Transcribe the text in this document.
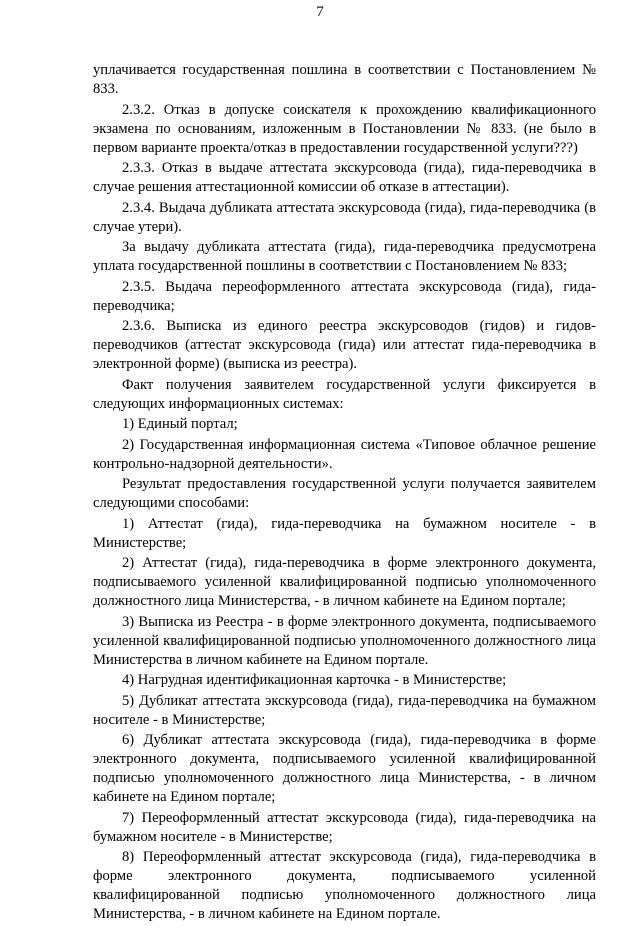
7

уплачивается государственная пошлина в соответствии с Постановлением № 833.

2.3.2. Отказ в допуске соискателя к прохождению квалификационного экзамена по основаниям, изложенным в Постановлении № 833. (не было в первом варианте проекта/отказ в предоставлении государственной услуги???)

2.3.3. Отказ в выдаче аттестата экскурсовода (гида), гида-переводчика в случае решения аттестационной комиссии об отказе в аттестации).

2.3.4. Выдача дубликата аттестата экскурсовода (гида), гида-переводчика (в случае утери).

За выдачу дубликата аттестата (гида), гида-переводчика предусмотрена уплата государственной пошлины в соответствии с Постановлением № 833;

2.3.5. Выдача переоформленного аттестата экскурсовода (гида), гида-переводчика;

2.3.6. Выписка из единого реестра экскурсоводов (гидов) и гидов-переводчиков (аттестат экскурсовода (гида) или аттестат гида-переводчика в электронной форме) (выписка из реестра).

Факт получения заявителем государственной услуги фиксируется в следующих информационных системах:

1) Единый портал;

2) Государственная информационная система «Типовое облачное решение контрольно-надзорной деятельности».

Результат предоставления государственной услуги получается заявителем следующими способами:

1) Аттестат (гида), гида-переводчика на бумажном носителе - в Министерстве;

2) Аттестат (гида), гида-переводчика в форме электронного документа, подписываемого усиленной квалифицированной подписью уполномоченного должностного лица Министерства, - в личном кабинете на Едином портале;

3) Выписка из Реестра - в форме электронного документа, подписываемого усиленной квалифицированной подписью уполномоченного должностного лица Министерства в личном кабинете на Едином портале.

4) Нагрудная идентификационная карточка - в Министерстве;

5) Дубликат аттестата экскурсовода (гида), гида-переводчика на бумажном носителе - в Министерстве;

6) Дубликат аттестата экскурсовода (гида), гида-переводчика в форме электронного документа, подписываемого усиленной квалифицированной подписью уполномоченного должностного лица Министерства, - в личном кабинете на Едином портале;

7) Переоформленный аттестат экскурсовода (гида), гида-переводчика на бумажном носителе - в Министерстве;

8) Переоформленный аттестат экскурсовода (гида), гида-переводчика в форме электронного документа, подписываемого усиленной квалифицированной подписью уполномоченного должностного лица Министерства, - в личном кабинете на Едином портале.
